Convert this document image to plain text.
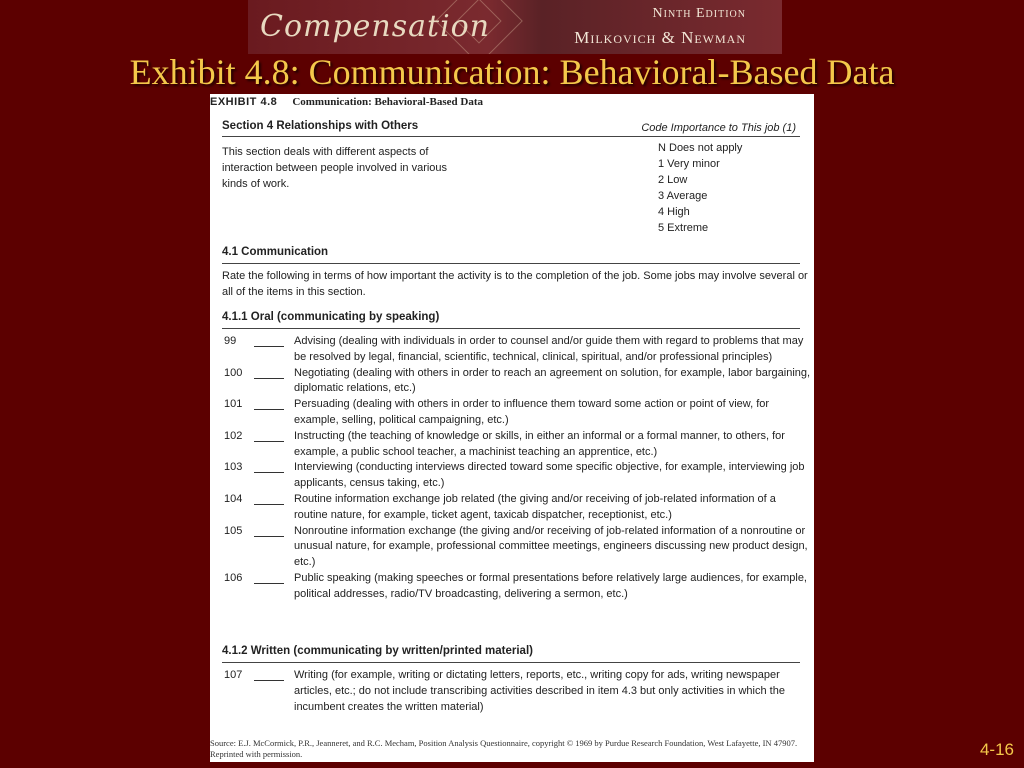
Compensation	Ninth Edition
Milkovich & Newman
Exhibit 4.8: Communication: Behavioral-Based Data
EXHIBIT 4.8 Communication: Behavioral-Based Data
Section 4 Relationships with Others	Code Importance to This job (1)
This section deals with different aspects of interaction between people involved in various kinds of work.
N Does not apply
1 Very minor
2 Low
3 Average
4 High
5 Extreme
4.1 Communication
Rate the following in terms of how important the activity is to the completion of the job. Some jobs may involve several or all of the items in this section.
4.1.1 Oral (communicating by speaking)
99	Advising (dealing with individuals in order to counsel and/or guide them with regard to problems that may be resolved by legal, financial, scientific, technical, clinical, spiritual, and/or professional principles)
100	Negotiating (dealing with others in order to reach an agreement on solution, for example, labor bargaining, diplomatic relations, etc.)
101	Persuading (dealing with others in order to influence them toward some action or point of view, for example, selling, political campaigning, etc.)
102	Instructing (the teaching of knowledge or skills, in either an informal or a formal manner, to others, for example, a public school teacher, a machinist teaching an apprentice, etc.)
103	Interviewing (conducting interviews directed toward some specific objective, for example, interviewing job applicants, census taking, etc.)
104	Routine information exchange job related (the giving and/or receiving of job-related information of a routine nature, for example, ticket agent, taxicab dispatcher, receptionist, etc.)
105	Nonroutine information exchange (the giving and/or receiving of job-related information of a nonroutine or unusual nature, for example, professional committee meetings, engineers discussing new product design, etc.)
106	Public speaking (making speeches or formal presentations before relatively large audiences, for example, political addresses, radio/TV broadcasting, delivering a sermon, etc.)
4.1.2 Written (communicating by written/printed material)
107	Writing (for example, writing or dictating letters, reports, etc., writing copy for ads, writing newspaper articles, etc.; do not include transcribing activities described in item 4.3 but only activities in which the incumbent creates the written material)
Source: E.J. McCormick, P.R., Jeanneret, and R.C. Mecham, Position Analysis Questionnaire, copyright © 1969 by Purdue Research Foundation, West Lafayette, IN 47907. Reprinted with permission.	4-16
